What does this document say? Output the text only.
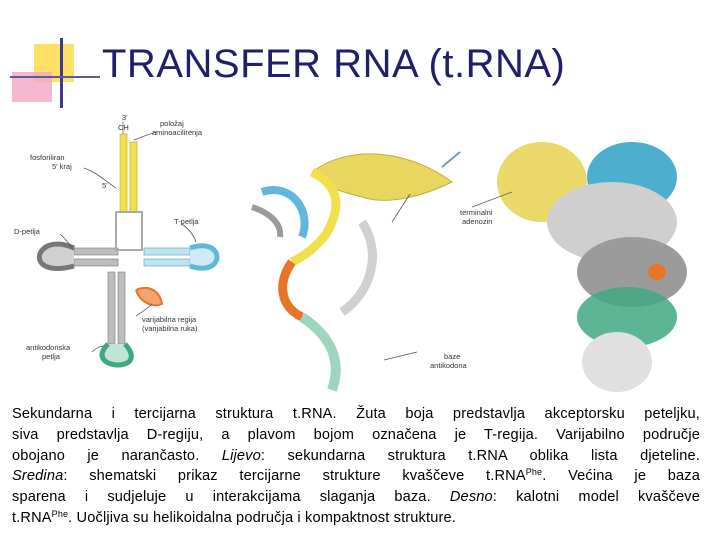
TRANSFER RNA (t.RNA)
3'
CH	položaj
aminoacilirenja
fosforiliran
5' kraj
5'
D-petlja
T-petlja
varijabilna regija
(varijabilna ruka)
antikodonska
petlja
terminalni
adenozin
baze
antikodona
Sekundarna i tercijarna struktura t.RNA. Žuta boja predstavlja akceptorsku peteljku,
siva predstavlja D-regiju, a plavom bojom označena je T-regija. Varijabilno područje
obojano je narančasto. Lijevo: sekundarna struktura t.RNA oblika lista djeteline.
Sredina: shematski prikaz tercijarne strukture kvaščeve $t.RNA^{Phe}$. Većina je baza
sparena i sudjeluje u interakcijama slaganja baza. Desno: kalotni model kvaščeve
$t.RNA^{Phe}$. Uočljiva su helikoidalna područja i kompaktnost strukture.
